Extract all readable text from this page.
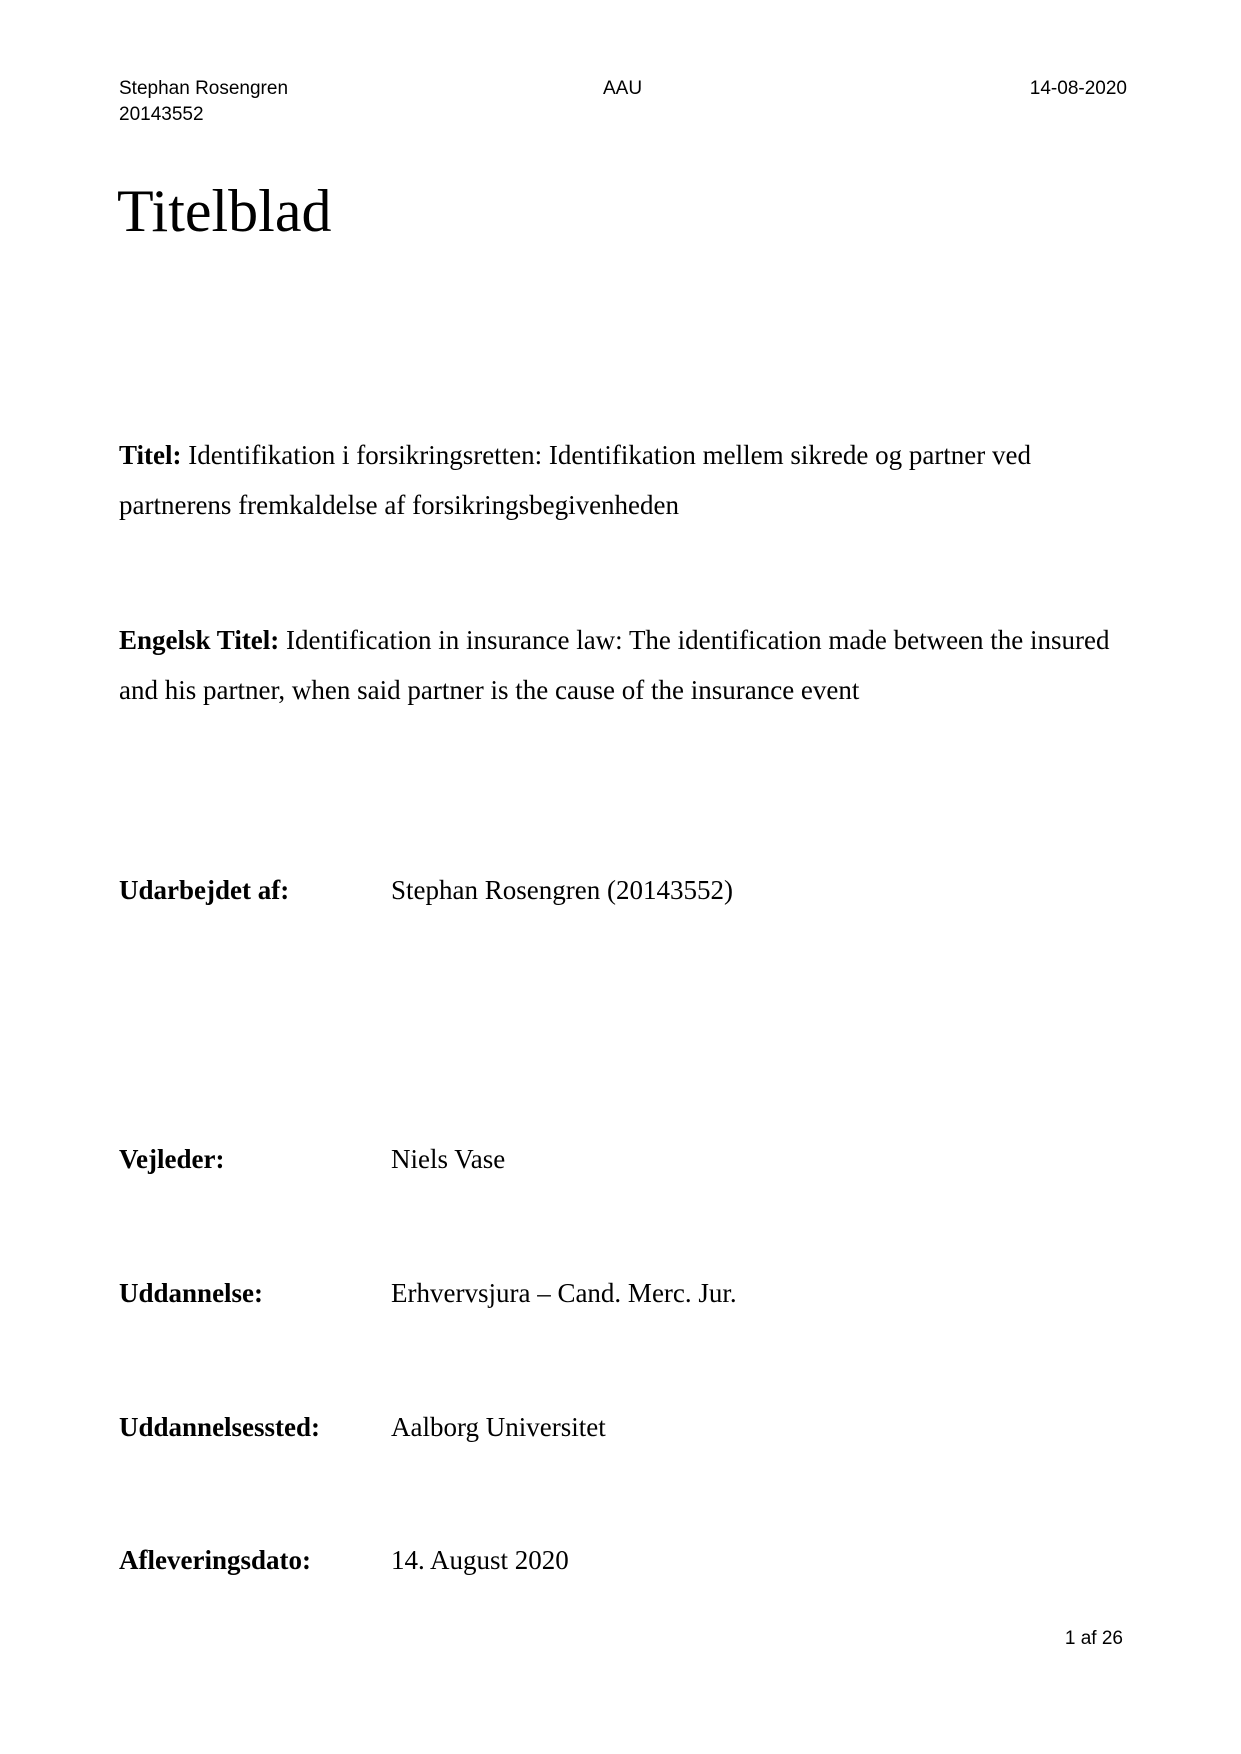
Stephan Rosengren
20143552
AAU	14-08-2020
Titelblad

Titel: Identifikation i forsikringsretten: Identifikation mellem sikrede og partner ved partnerens fremkaldelse af forsikringsbegivenheden

Engelsk Titel: Identification in insurance law: The identification made between the insured and his partner, when said partner is the cause of the insurance event

Udarbejdet af:	Stephan Rosengren (20143552)
Vejleder:	Niels Vase
Uddannelse:	Erhvervsjura – Cand. Merc. Jur.
Uddannelsessted:	Aalborg Universitet
Afleveringsdato:	14. August 2020
1 af 26
